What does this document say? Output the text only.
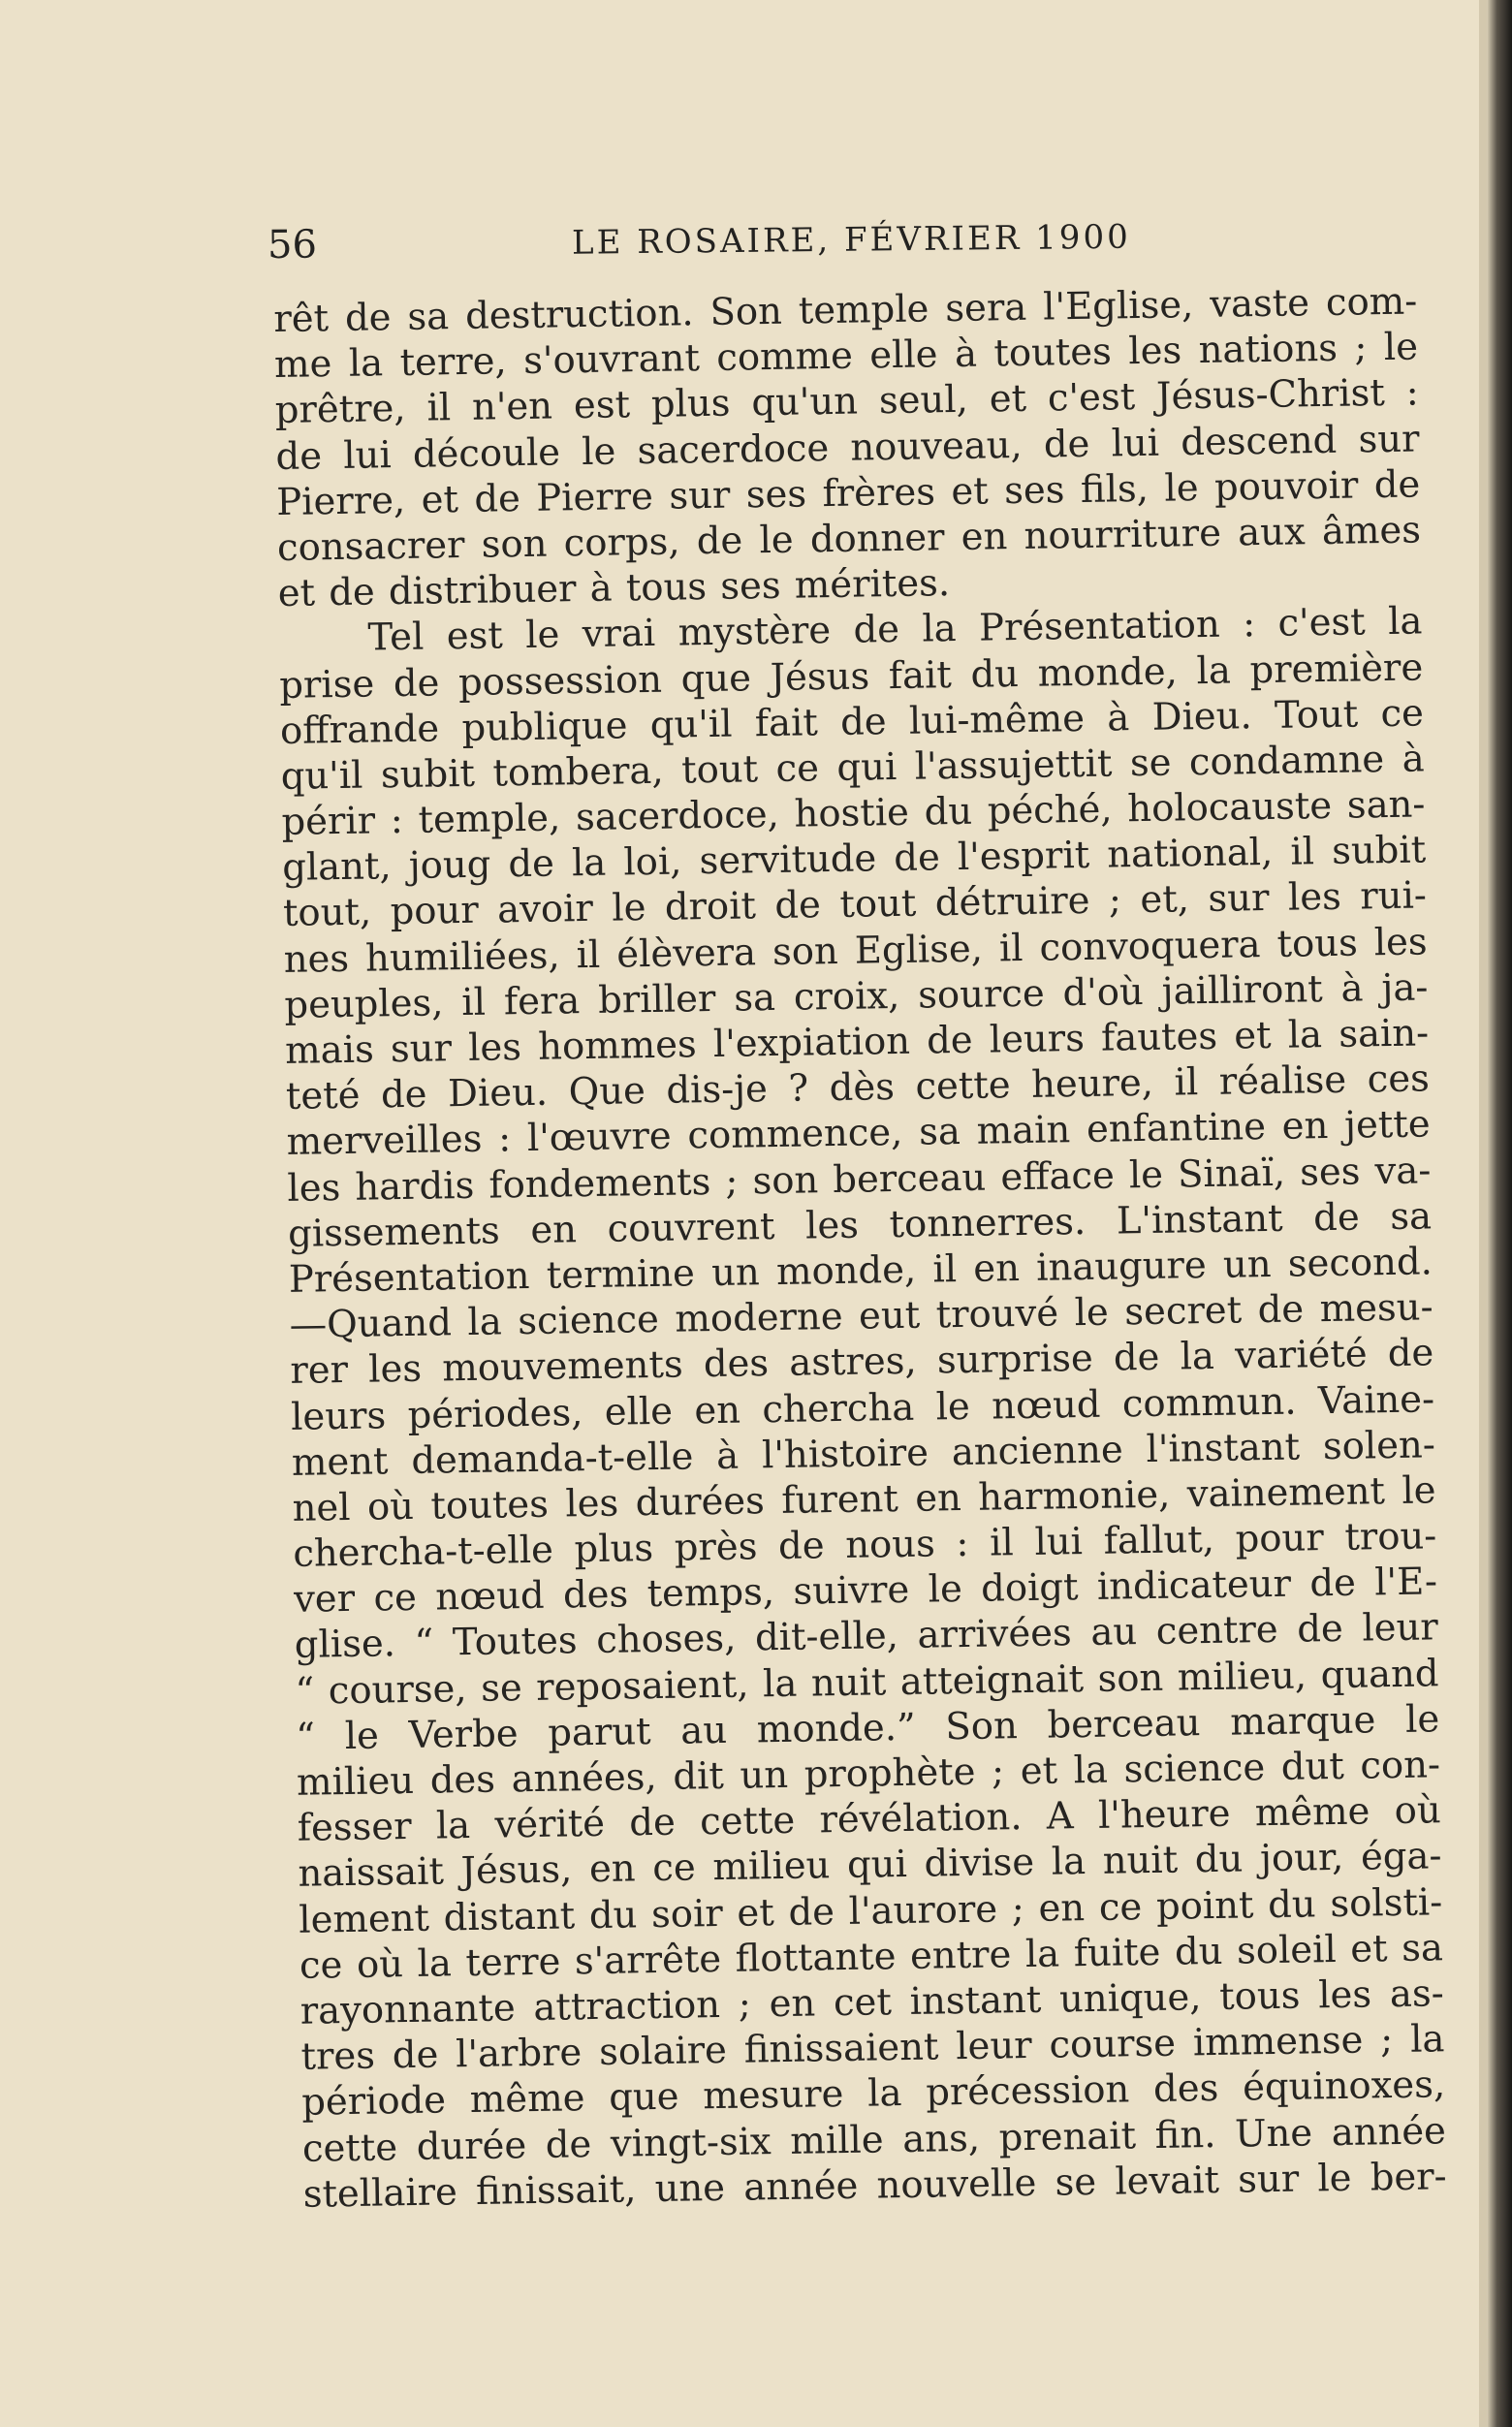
56	LE ROSAIRE, FÉVRIER 1900
rêt de sa destruction. Son temple sera l'Eglise, vaste com-
me la terre, s'ouvrant comme elle à toutes les nations ; le
prêtre, il n'en est plus qu'un seul, et c'est Jésus-Christ :
de lui découle le sacerdoce nouveau, de lui descend sur
Pierre, et de Pierre sur ses frères et ses fils, le pouvoir de
consacrer son corps, de le donner en nourriture aux âmes
et de distribuer à tous ses mérites.
Tel est le vrai mystère de la Présentation : c'est la
prise de possession que Jésus fait du monde, la première
offrande publique qu'il fait de lui-même à Dieu. Tout ce
qu'il subit tombera, tout ce qui l'assujettit se condamne à
périr : temple, sacerdoce, hostie du péché, holocauste san-
glant, joug de la loi, servitude de l'esprit national, il subit
tout, pour avoir le droit de tout détruire ; et, sur les rui-
nes humiliées, il élèvera son Eglise, il convoquera tous les
peuples, il fera briller sa croix, source d'où jailliront à ja-
mais sur les hommes l'expiation de leurs fautes et la sain-
teté de Dieu. Que dis-je ? dès cette heure, il réalise ces
merveilles : l'œuvre commence, sa main enfantine en jette
les hardis fondements ; son berceau efface le Sinaï, ses va-
gissements en couvrent les tonnerres. L'instant de sa
Présentation termine un monde, il en inaugure un second.
—Quand la science moderne eut trouvé le secret de mesu-
rer les mouvements des astres, surprise de la variété de
leurs périodes, elle en chercha le nœud commun. Vaine-
ment demanda-t-elle à l'histoire ancienne l'instant solen-
nel où toutes les durées furent en harmonie, vainement le
chercha-t-elle plus près de nous : il lui fallut, pour trou-
ver ce nœud des temps, suivre le doigt indicateur de l'E-
glise. “ Toutes choses, dit-elle, arrivées au centre de leur
“ course, se reposaient, la nuit atteignait son milieu, quand
“ le Verbe parut au monde.” Son berceau marque le
milieu des années, dit un prophète ; et la science dut con-
fesser la vérité de cette révélation. A l'heure même où
naissait Jésus, en ce milieu qui divise la nuit du jour, éga-
lement distant du soir et de l'aurore ; en ce point du solsti-
ce où la terre s'arrête flottante entre la fuite du soleil et sa
rayonnante attraction ; en cet instant unique, tous les as-
tres de l'arbre solaire finissaient leur course immense ; la
période même que mesure la précession des équinoxes,
cette durée de vingt-six mille ans, prenait fin. Une année
stellaire finissait, une année nouvelle se levait sur le ber-
